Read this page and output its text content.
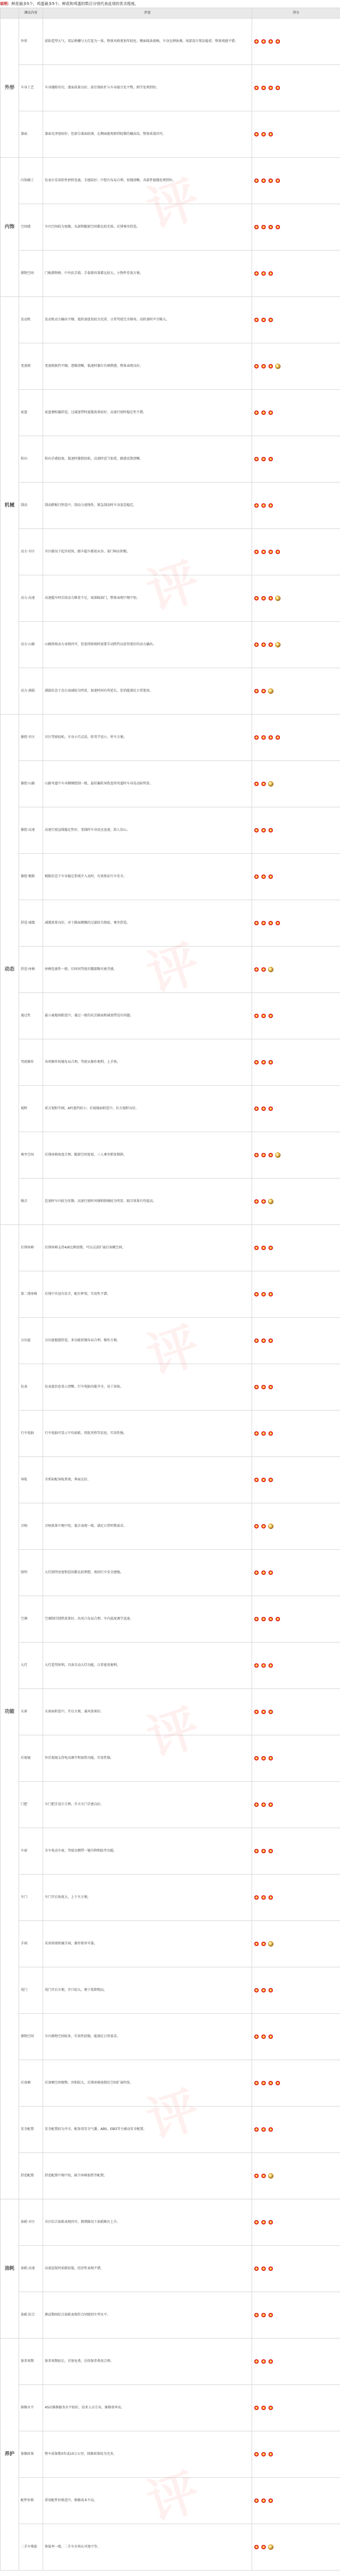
说明：鲜花最多5个，鸡蛋最多5个。鲜花和鸡蛋的数目分别代表此项的优劣程度。
	测试内容	评述	得分
外形	外形	前脸造型大气，双层格栅与大灯连为一体，整体风格更加年轻化；侧面线条流畅，车身比例协调，尾部设计简洁稳重，整体观感不错。	
	车身工艺	车身缝隙均匀，漆面质量良好，前后保险杠与车身接合处平整，细节处理到位。	
	漆面	漆面光泽度较好，但部分漆面较薄，在侧面能观察到轻微的橘皮纹，整体质量尚可。	
内饰	内饰做工	仪表台采用软性材料包裹，手感较好；中控台布局合理，按键清晰，各部件接缝处理到位。	
	空间感	车内空间较为宽敞，头部和腿部空间都比较充裕，后排乘坐舒适。	
	储物空间	门板储物格、中央扶手箱、手套箱容量都比较大，小物件存放方便。	
机械	发动机	发动机动力输出平顺，低转速扭矩较为充沛，日常驾驶完全够用，高转速时声音略大。	
	变速箱	变速箱换挡平顺，逻辑清晰，低速时偶尔有顿挫感，整体表现良好。	
	底盘	底盘调校偏舒适，过减速带时滤震效果较好，高速行驶时稳定性不错。	
	转向	转向手感轻盈，低速时操控轻松，高速时适当加重，路感反馈清晰。	
	制动	制动踏板行程适中，制动力度线性，紧急制动时车身姿态稳定。	
	动力·市区	市区路况下起步轻快，跟车超车都很从容，油门响应积极。	
	动力·高速	高速超车时后段动力略显不足，需深踩油门，整体表现中规中矩。	
	动力·山路	山路爬坡动力表现尚可，但连续爬坡时需要手动降挡以获得更好的动力输出。	
	动力·满载	满载状态下动力衰减较为明显，加速时间有所延长，但仍能满足日常使用。	
动态	操控·市区	市区驾驶轻松，车身小巧灵活，转弯半径小，停车方便。	
	操控·山路	山路弯道中车身侧倾控制一般，悬挂偏软导致连续弯道时车身晃动较明显。	
	操控·高速	高速行驶直线稳定性好，变线时车身反应迅速，给人信心。	
	操控·极限	极限状态下车身稳定系统介入及时，有效保证行车安全。	
	舒适·减震	减震效果良好，对于路面颠簸的过滤较为彻底，乘坐舒适。	
	舒适·座椅	座椅包裹性一般，长时间驾驶后腰部略有疲劳感。	
	通过性	最小离地间隙适中，通过一般的坑洼路面和减速带没有问题。	
	驾驶操作	各项操作按键布局合理，驾驶员操作便利，上手快。	
	视野	前方视野开阔，A柱遮挡较小；后视镜面积适中，后方视野良好。	
	乘坐空间	后排座椅角度合理，腿部空间宽裕，三人乘坐稍显拥挤。	
	噪音	怠速时车内较为安静，高速行驶时风噪和胎噪较为明显，隔音效果有待提高。	
功能	后排座椅	后排座椅支持4/6比例放倒，可以灵活扩展后备厢空间。	
	第二排座椅	后排中央设有扶手，配有杯架，实用性不错。	
	方向盘	方向盘握感舒适，多功能按键布局合理，操作方便。	
	仪表	仪表盘信息显示清晰，行车电脑功能齐全，易于读取。	
	行车电脑	行车电脑可显示平均油耗、续航里程等信息，实用性强。	
	导航	全系标配导航系统，界面友好。	
	音响	音响效果中规中矩，低音表现一般，满足日常听歌需求。	
	照明	大灯照明亮度和范围都比较理想，夜间行车安全感强。	
	空调	空调制冷制热效果好，出风口布局合理，车内温度调节迅速。	
	大灯	大灯造型犀利，具备自动大灯功能，日常使用便利。	
	天窗	天窗面积适中，开启方便，通风效果好。	
	后视镜	外后视镜支持电动调节和加热功能，实用性强。	
	门把	车门把手设计合理，开关车门手感良好。	
	车窗	全车电动车窗，驾驶员侧带一键升降和防夹功能。	
	车门	车门开启角度大，上下车方便。	
	手刹	采用传统机械手刹，操作简单可靠。	
	尾门	尾门开启方便，开口较大，便于装卸物品。	
	储物空间	车内储物空间较多，实用性较强，能满足日常需求。	
	后备厢	后备厢空间规整，容积较大，后排座椅放倒后空间扩展明显。	
	安全配置	安全配置较为齐全，配备双安全气囊、ABS、EBD等主被动安全配置。	
	舒适配置	舒适配置中规中矩，缺少座椅加热等配置。	
油耗	油耗·市区	市区综合油耗表现尚可，拥堵路况下油耗略有上升。	
	油耗·高速	高速巡航时油耗较低，经济性表现不错。	
	油耗·综合	测试期间综合油耗表现符合同级别车型水平。	
养护	保养周期	保养周期较长，首保免费，后续保养费用合理。	
	维修水平	4S店维修服务水平较好，技术人员专业，维修效率高。	
	保修政策	整车质保期3年或10万公里，保修政策较为完善。	
	配件价格	常用配件价格适中，维修成本不高。	
	二手车残值	保值率一般，二手车市场认可度中等。	
评
评
评
评
评
评
评
